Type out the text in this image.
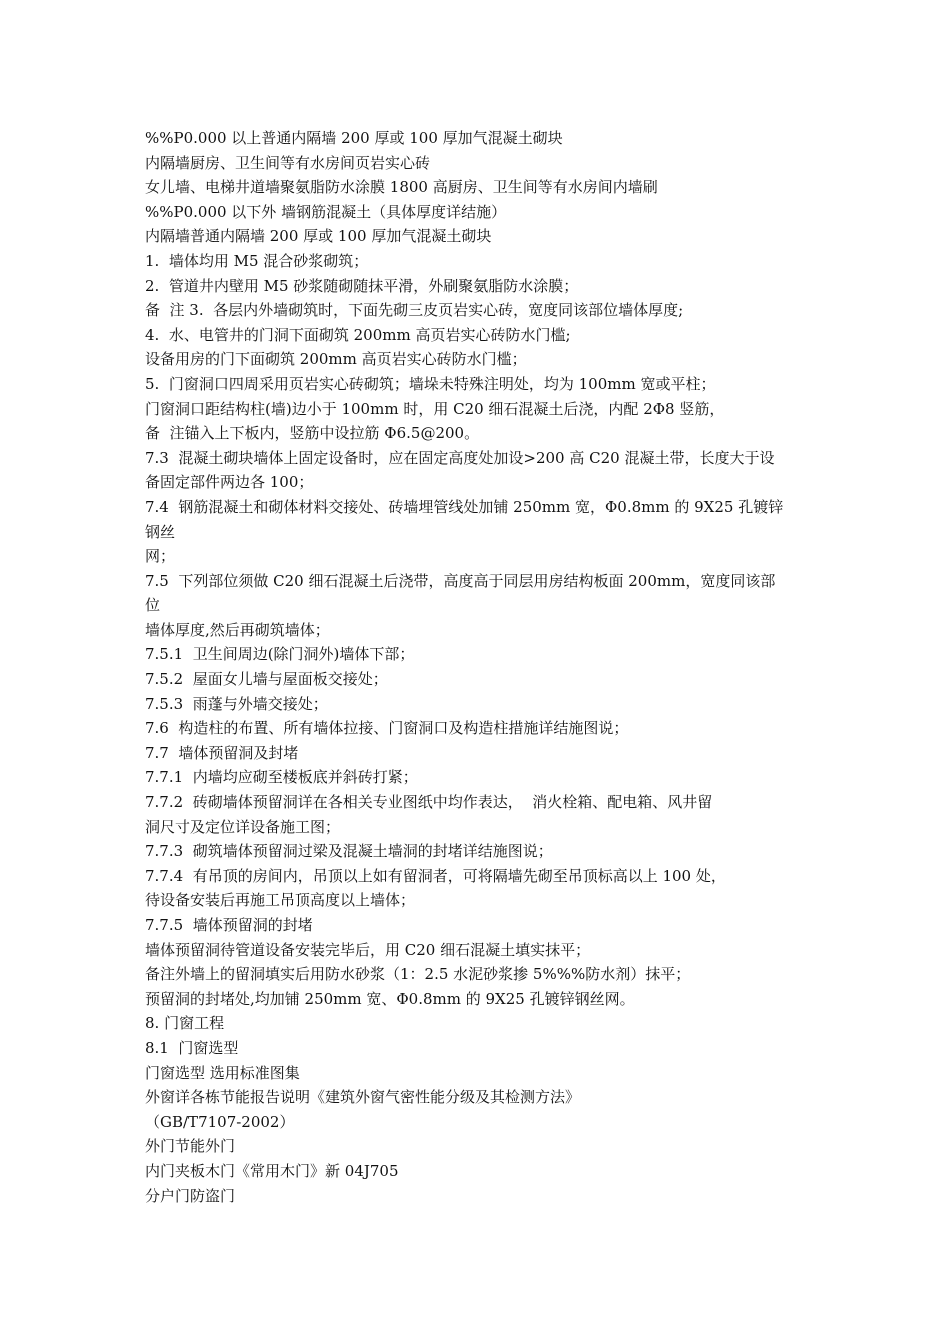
%%P0.000 以上普通内隔墙 200 厚或 100 厚加气混凝土砌块
内隔墙厨房、卫生间等有水房间页岩实心砖
女儿墙、电梯井道墙聚氨脂防水涂膜 1800 高厨房、卫生间等有水房间内墙刷
%%P0.000 以下外 墙钢筋混凝土（具体厚度详结施）
内隔墙普通内隔墙 200 厚或 100 厚加气混凝土砌块
1.  墙体均用 M5 混合砂浆砌筑；
2.  管道井内壁用 M5 砂浆随砌随抹平滑，外刷聚氨脂防水涂膜；
备  注 3.  各层内外墙砌筑时，下面先砌三皮页岩实心砖，宽度同该部位墙体厚度;
4.  水、电管井的门洞下面砌筑 200mm 高页岩实心砖防水门槛;
设备用房的门下面砌筑 200mm 高页岩实心砖防水门槛；
5.  门窗洞口四周采用页岩实心砖砌筑；墙垛未特殊注明处，均为 100mm 宽或平柱；
门窗洞口距结构柱(墙)边小于 100mm 时，用 C20 细石混凝土后浇，内配 2Φ8 竖筋，
备  注锚入上下板内，竖筋中设拉筋 Φ6.5@200。
7.3  混凝土砌块墙体上固定设备时，应在固定高度处加设>200 高 C20 混凝土带，长度大于设
备固定部件两边各 100；
7.4  钢筋混凝土和砌体材料交接处、砖墙埋管线处加铺 250mm 宽，Φ0.8mm 的 9X25 孔镀锌
钢丝
网；
7.5  下列部位须做 C20 细石混凝土后浇带，高度高于同层用房结构板面 200mm，宽度同该部
位
墙体厚度,然后再砌筑墙体；
7.5.1  卫生间周边(除门洞外)墙体下部；
7.5.2  屋面女儿墙与屋面板交接处；
7.5.3  雨蓬与外墙交接处；
7.6  构造柱的布置、所有墙体拉接、门窗洞口及构造柱措施详结施图说；
7.7  墙体预留洞及封堵
7.7.1  内墙均应砌至楼板底并斜砖打紧；
7.7.2  砖砌墙体预留洞详在各相关专业图纸中均作表达，  消火栓箱、配电箱、风井留
洞尺寸及定位详设备施工图；
7.7.3  砌筑墙体预留洞过梁及混凝土墙洞的封堵详结施图说；
7.7.4  有吊顶的房间内，吊顶以上如有留洞者，可将隔墙先砌至吊顶标高以上 100 处，
待设备安装后再施工吊顶高度以上墙体；
7.7.5  墙体预留洞的封堵
墙体预留洞待管道设备安装完毕后，用 C20 细石混凝土填实抹平；
备注外墙上的留洞填实后用防水砂浆（1：2.5 水泥砂浆掺 5%%%防水剂）抹平；
预留洞的封堵处,均加铺 250mm 宽、Φ0.8mm 的 9X25 孔镀锌钢丝网。
8. 门窗工程
8.1  门窗选型
门窗选型 选用标准图集
外窗详各栋节能报告说明《建筑外窗气密性能分级及其检测方法》
（GB/T7107-2002）
外门节能外门
内门夹板木门《常用木门》新 04J705
分户门防盗门
